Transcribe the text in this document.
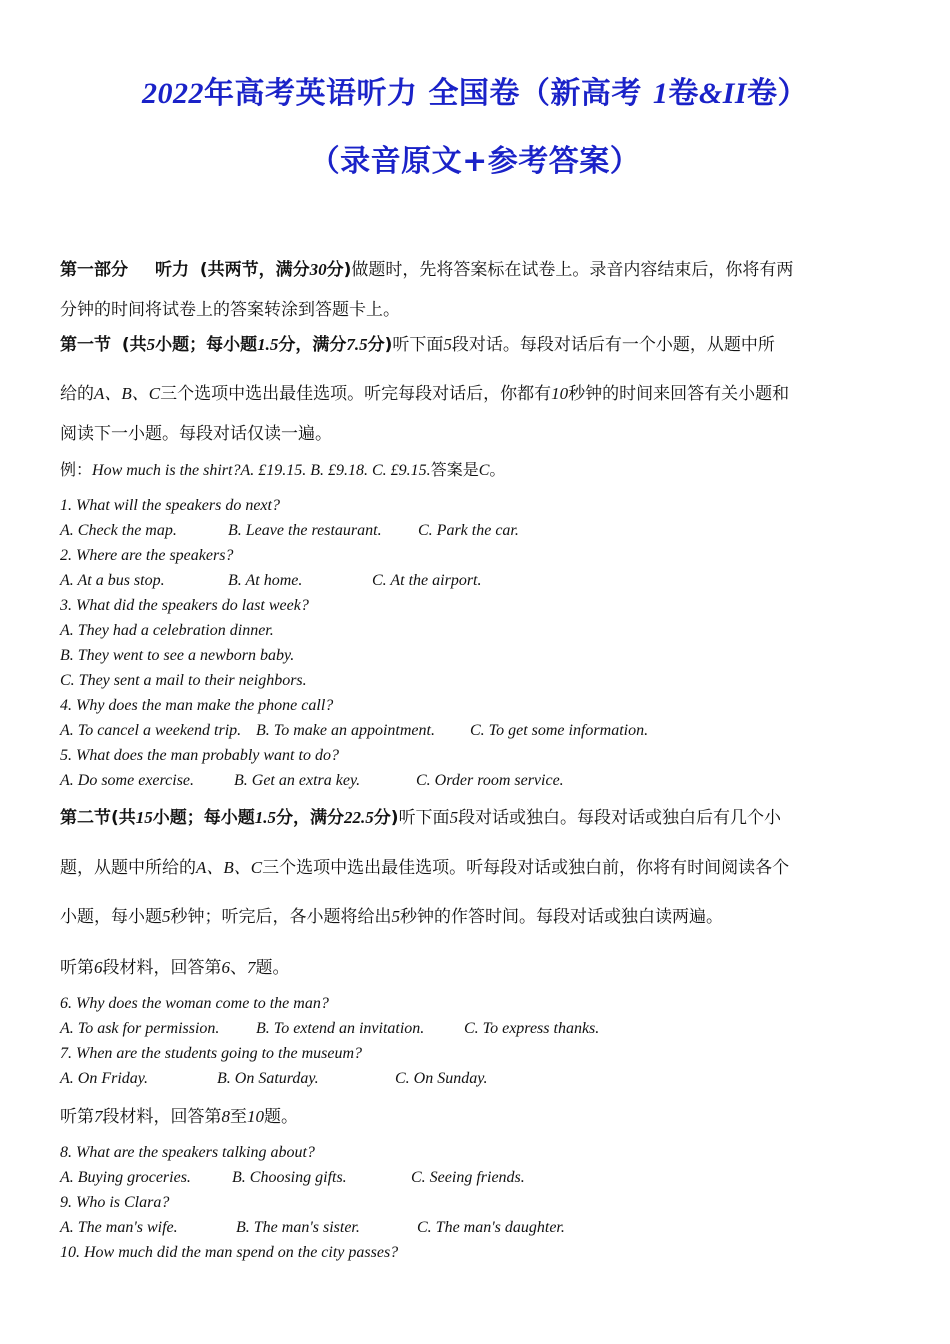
2022年高考英语听力 全国卷（新高考 1卷&II卷）
（录音原文+参考答案）
第一部分 听力 (共两节，满分30分)做题时，先将答案标在试卷上。录音内容结束后，你将有两
分钟的时间将试卷上的答案转涂到答题卡上。
第一节 (共5小题；每小题1.5分，满分7.5分)听下面5段对话。每段对话后有一个小题，从题中所
给的A、B、C三个选项中选出最佳选项。听完每段对话后，你都有10秒钟的时间来回答有关小题和
阅读下一小题。每段对话仅读一遍。
例：How much is the shirt?A. £19.15. B. £9.18. C. £9.15.答案是C。
1. What will the speakers do next?
A. Check the map.	B. Leave the restaurant. C. Park the car.
2. Where are the speakers?
A. At a bus stop.	B. At home.	C. At the airport.
3. What did the speakers do last week?
A. They had a celebration dinner.
B. They went to see a newborn baby.
C. They sent a mail to their neighbors.
4. Why does the man make the phone call?
A. To cancel a weekend trip. B. To make an appointment. C. To get some information.
5. What does the man probably want to do?
A. Do some exercise. B. Get an extra key.	C. Order room service.
第二节(共15小题；每小题1.5分，满分22.5分)听下面5段对话或独白。每段对话或独白后有几个小
题，从题中所给的A、B、C三个选项中选出最佳选项。听每段对话或独白前，你将有时间阅读各个
小题，每小题5秒钟；听完后，各小题将给出5秒钟的作答时间。每段对话或独白读两遍。
听第6段材料，回答第6、7题。
6. Why does the woman come to the man?
A. To ask for permission. B. To extend an invitation. C. To express thanks.
7. When are the students going to the museum?
A. On Friday.	B. On Saturday.	C. On Sunday.
听第7段材料，回答第8至10题。
8. What are the speakers talking about?
A. Buying groceries.	B. Choosing gifts.	C. Seeing friends.
9. Who is Clara?
A. The man's wife.	B. The man's sister.	C. The man's daughter.
10. How much did the man spend on the city passes?
